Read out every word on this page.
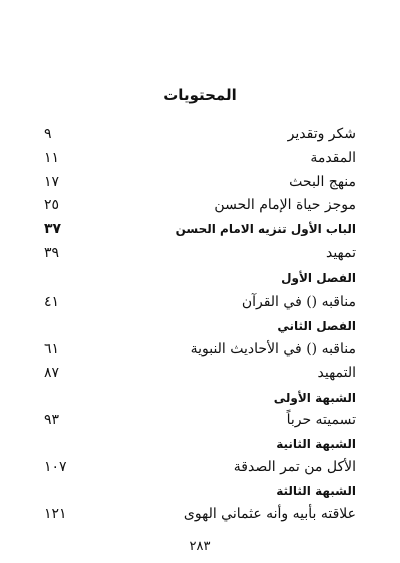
المحتويات
شكر وتقدير
٩
المقدمة
١١
منهج البحث
١٧
موجز حياة الإمام الحسن
٢٥
الباب الأول تنزيه الامام الحسن
٣٧
تمهيد
٣٩
الفصل الأول
مناقبه () في القرآن
٤١
الفصل الثاني
مناقبه () في الأحاديث النبوية
٦١
التمهيد
٨٧
الشبهة الأولى
تسميته حرباً
٩٣
الشبهة الثانية
الأكل من تمر الصدقة
١٠٧
الشبهة الثالثة
علاقته بأبيه وأنه عثماني الهوى
١٢١
٢٨٣
